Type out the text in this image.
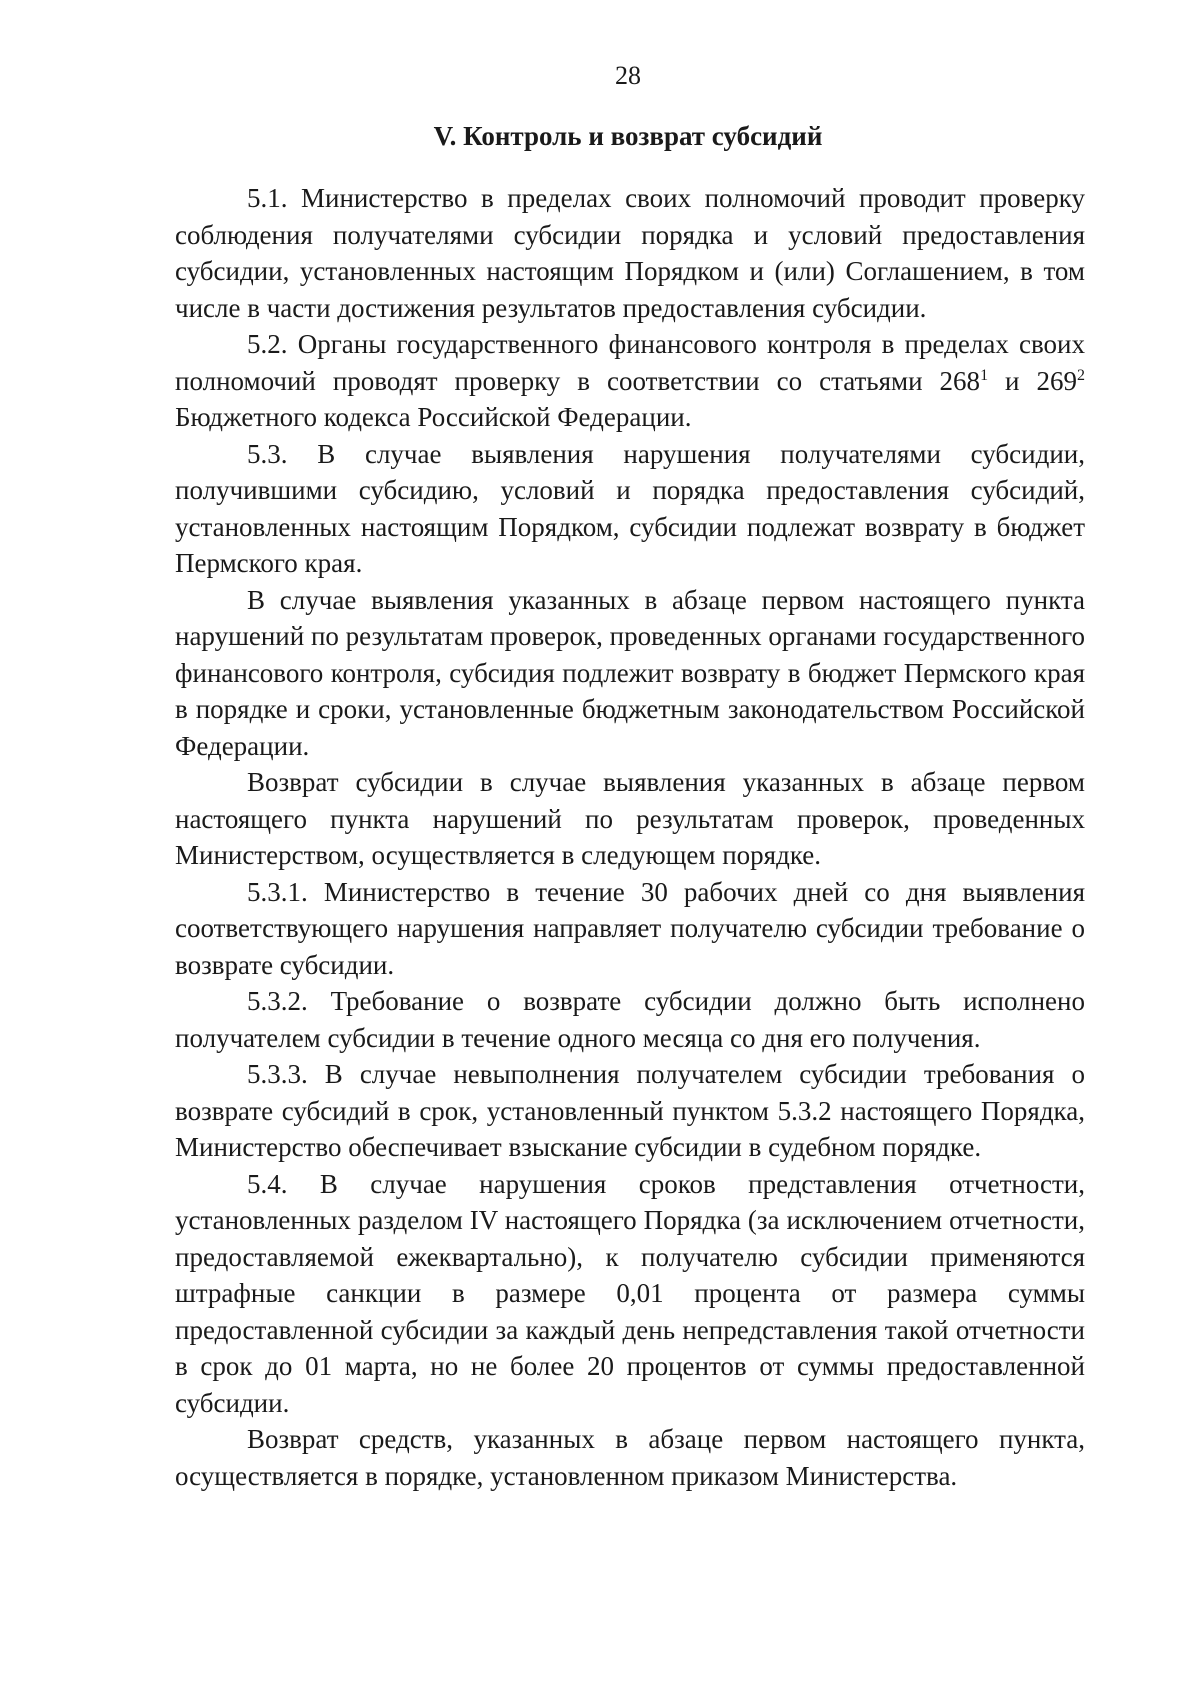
28
V. Контроль и возврат субсидий

5.1. Министерство в пределах своих полномочий проводит проверку соблюдения получателями субсидии порядка и условий предоставления субсидии, установленных настоящим Порядком и (или) Соглашением, в том числе в части достижения результатов предоставления субсидии.

5.2. Органы государственного финансового контроля в пределах своих полномочий проводят проверку в соответствии со статьями $268^1$ и $269^2$ Бюджетного кодекса Российской Федерации.

5.3. В случае выявления нарушения получателями субсидии, получившими субсидию, условий и порядка предоставления субсидий, установленных настоящим Порядком, субсидии подлежат возврату в бюджет Пермского края.

В случае выявления указанных в абзаце первом настоящего пункта нарушений по результатам проверок, проведенных органами государственного финансового контроля, субсидия подлежит возврату в бюджет Пермского края в порядке и сроки, установленные бюджетным законодательством Российской Федерации.

Возврат субсидии в случае выявления указанных в абзаце первом настоящего пункта нарушений по результатам проверок, проведенных Министерством, осуществляется в следующем порядке.

5.3.1. Министерство в течение 30 рабочих дней со дня выявления соответствующего нарушения направляет получателю субсидии требование о возврате субсидии.

5.3.2. Требование о возврате субсидии должно быть исполнено получателем субсидии в течение одного месяца со дня его получения.

5.3.3. В случае невыполнения получателем субсидии требования о возврате субсидий в срок, установленный пунктом 5.3.2 настоящего Порядка, Министерство обеспечивает взыскание субсидии в судебном порядке.

5.4. В случае нарушения сроков представления отчетности, установленных разделом IV настоящего Порядка (за исключением отчетности, предоставляемой ежеквартально), к получателю субсидии применяются штрафные санкции в размере 0,01 процента от размера суммы предоставленной субсидии за каждый день непредставления такой отчетности в срок до 01 марта, но не более 20 процентов от суммы предоставленной субсидии.

Возврат средств, указанных в абзаце первом настоящего пункта, осуществляется в порядке, установленном приказом Министерства.
